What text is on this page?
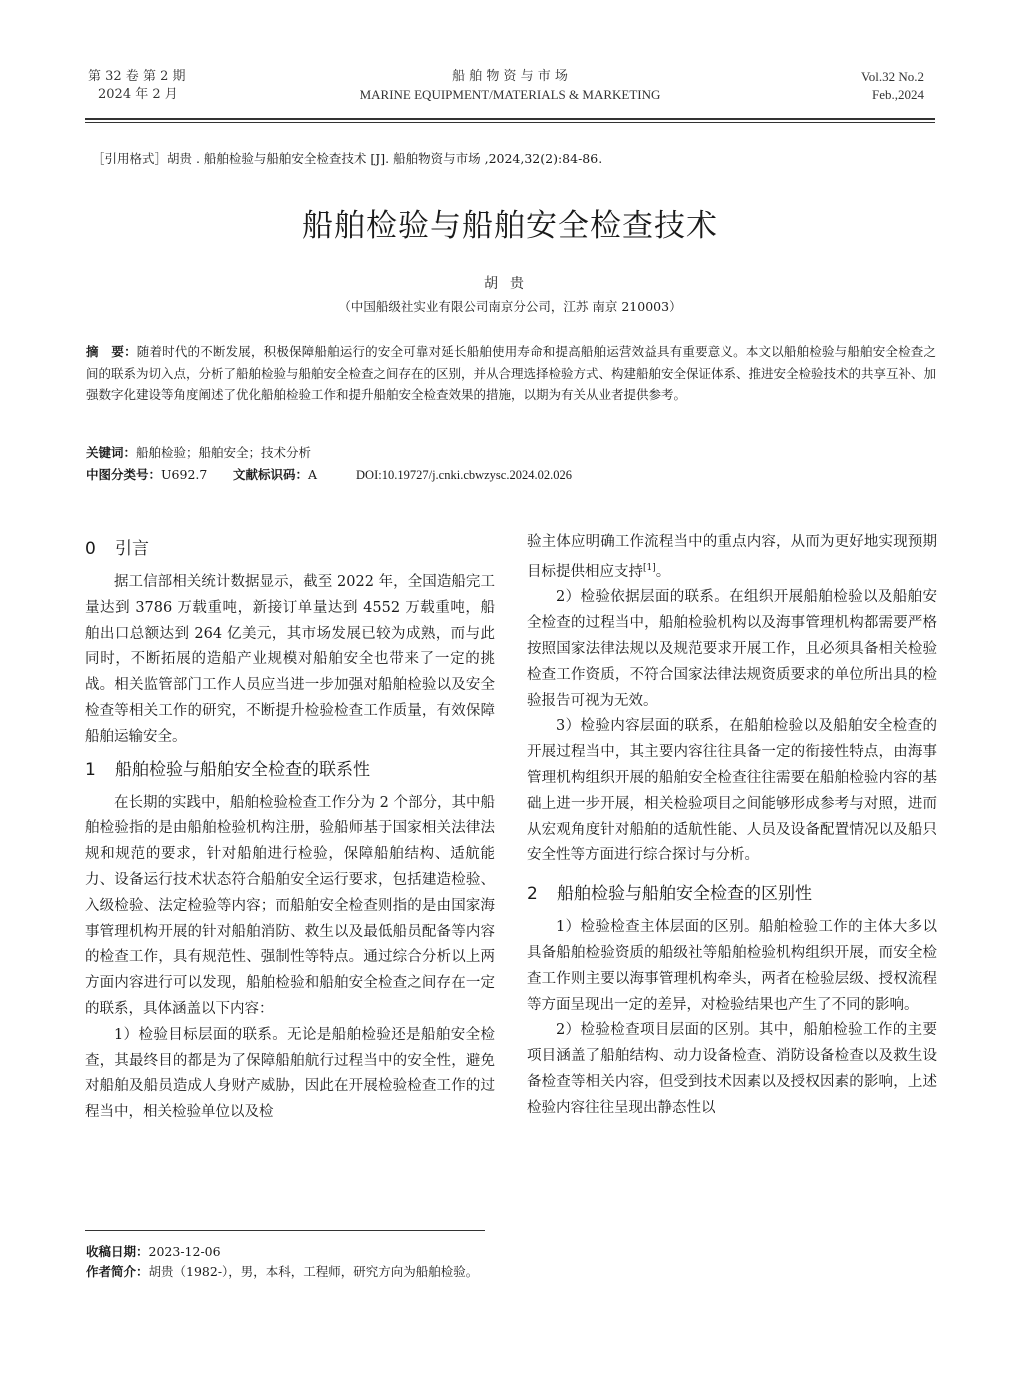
第 32 卷 第 2 期
2024 年 2 月
船 舶 物 资 与 市 场
MARINE EQUIPMENT/MATERIALS & MARKETING
Vol.32 No.2
Feb.,2024
［引用格式］胡贵 . 船舶检验与船舶安全检查技术 [J]. 船舶物资与市场 ,2024,32(2):84-86.
船舶检验与船舶安全检查技术
胡贵
（中国船级社实业有限公司南京分公司，江苏 南京 210003）
摘　要：随着时代的不断发展，积极保障船舶运行的安全可靠对延长船舶使用寿命和提高船舶运营效益具有重要意义。本文以船舶检验与船舶安全检查之间的联系为切入点，分析了船舶检验与船舶安全检查之间存在的区别，并从合理选择检验方式、构建船舶安全保证体系、推进安全检验技术的共享互补、加强数字化建设等角度阐述了优化船舶检验工作和提升船舶安全检查效果的措施，以期为有关从业者提供参考。
关键词： 船舶检验；船舶安全；技术分析
中图分类号： U692.7	文献标识码： A	DOI:10.19727/j.cnki.cbwzysc.2024.02.026
0 引言

据工信部相关统计数据显示，截至 2022 年，全国造船完工量达到 3786 万载重吨，新接订单量达到 4552 万载重吨，船舶出口总额达到 264 亿美元，其市场发展已较为成熟，而与此同时，不断拓展的造船产业规模对船舶安全也带来了一定的挑战。相关监管部门工作人员应当进一步加强对船舶检验以及安全检查等相关工作的研究，不断提升检验检查工作质量，有效保障船舶运输安全。

1 船舶检验与船舶安全检查的联系性

在长期的实践中，船舶检验检查工作分为 2 个部分，其中船舶检验指的是由船舶检验机构注册，验船师基于国家相关法律法规和规范的要求，针对船舶进行检验，保障船舶结构、适航能力、设备运行技术状态符合船舶安全运行要求，包括建造检验、入级检验、法定检验等内容；而船舶安全检查则指的是由国家海事管理机构开展的针对船舶消防、救生以及最低船员配备等内容的检查工作，具有规范性、强制性等特点。通过综合分析以上两方面内容进行可以发现，船舶检验和船舶安全检查之间存在一定的联系，具体涵盖以下内容：

1）检验目标层面的联系。无论是船舶检验还是船舶安全检查，其最终目的都是为了保障船舶航行过程当中的安全性，避免对船舶及船员造成人身财产威胁，因此在开展检验检查工作的过程当中，相关检验单位以及检

验主体应明确工作流程当中的重点内容，从而为更好地实现预期目标提供相应支持[1]。

2）检验依据层面的联系。在组织开展船舶检验以及船舶安全检查的过程当中，船舶检验机构以及海事管理机构都需要严格按照国家法律法规以及规范要求开展工作，且必须具备相关检验检查工作资质，不符合国家法律法规资质要求的单位所出具的检验报告可视为无效。

3）检验内容层面的联系，在船舶检验以及船舶安全检查的开展过程当中，其主要内容往往具备一定的衔接性特点，由海事管理机构组织开展的船舶安全检查往往需要在船舶检验内容的基础上进一步开展，相关检验项目之间能够形成参考与对照，进而从宏观角度针对船舶的适航性能、人员及设备配置情况以及船只安全性等方面进行综合探讨与分析。

2 船舶检验与船舶安全检查的区别性

1）检验检查主体层面的区别。船舶检验工作的主体大多以具备船舶检验资质的船级社等船舶检验机构组织开展，而安全检查工作则主要以海事管理机构牵头，两者在检验层级、授权流程等方面呈现出一定的差异，对检验结果也产生了不同的影响。

2）检验检查项目层面的区别。其中，船舶检验工作的主要项目涵盖了船舶结构、动力设备检查、消防设备检查以及救生设备检查等相关内容，但受到技术因素以及授权因素的影响，上述检验内容往往呈现出静态性以

收稿日期：2023-12-06
作者简介：胡贵（1982-），男，本科，工程师，研究方向为船舶检验。
